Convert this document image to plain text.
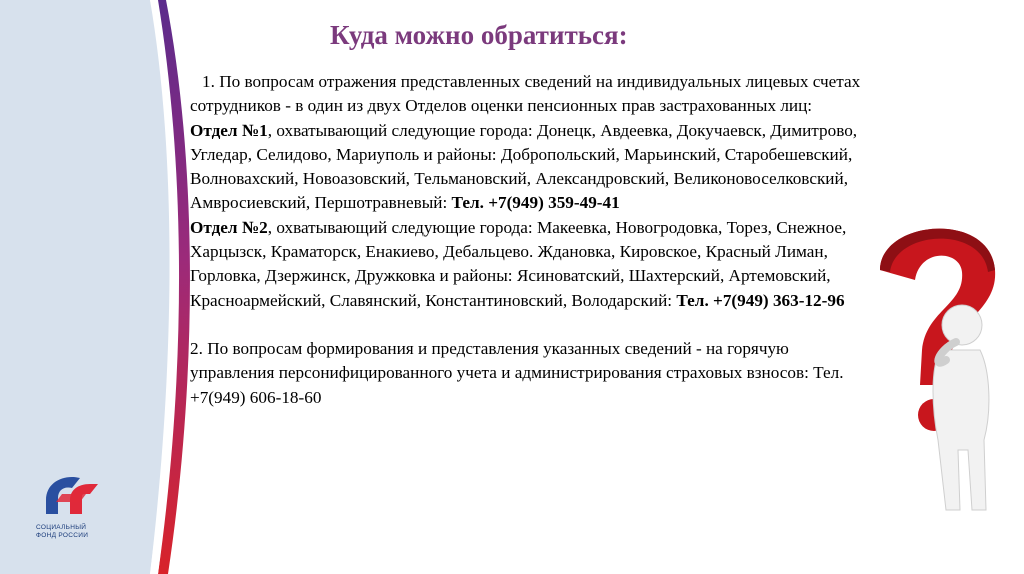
СОЦИАЛЬНЫЙ
ФОНД РОССИИ
Куда можно обратиться:

1. По вопросам отражения представленных сведений на индивидуальных лицевых счетах сотрудников - в один из двух Отделов оценки пенсионных прав застрахованных лиц:

Отдел №1, охватывающий следующие города: Донецк, Авдеевка, Докучаевск, Димитрово, Угледар, Селидово, Мариуполь и районы: Добропольский, Марьинский, Старобешевский, Волновахский, Новоазовский, Тельмановский, Александровский, Великоновоселковский, Амвросиевский, Першотравневый: Тел. +7(949) 359-49-41

Отдел №2, охватывающий следующие города: Макеевка, Новогродовка, Торез, Снежное, Харцызск, Краматорск, Енакиево, Дебальцево. Ждановка, Кировское, Красный Лиман, Горловка, Дзержинск, Дружковка и районы: Ясиноватский, Шахтерский, Артемовский, Красноармейский, Славянский, Константиновский, Володарский: Тел. +7(949) 363-12-96

2. По вопросам формирования и представления указанных сведений - на горячую управления персонифицированного учета и администрирования страховых взносов: Тел. +7(949) 606-18-60
